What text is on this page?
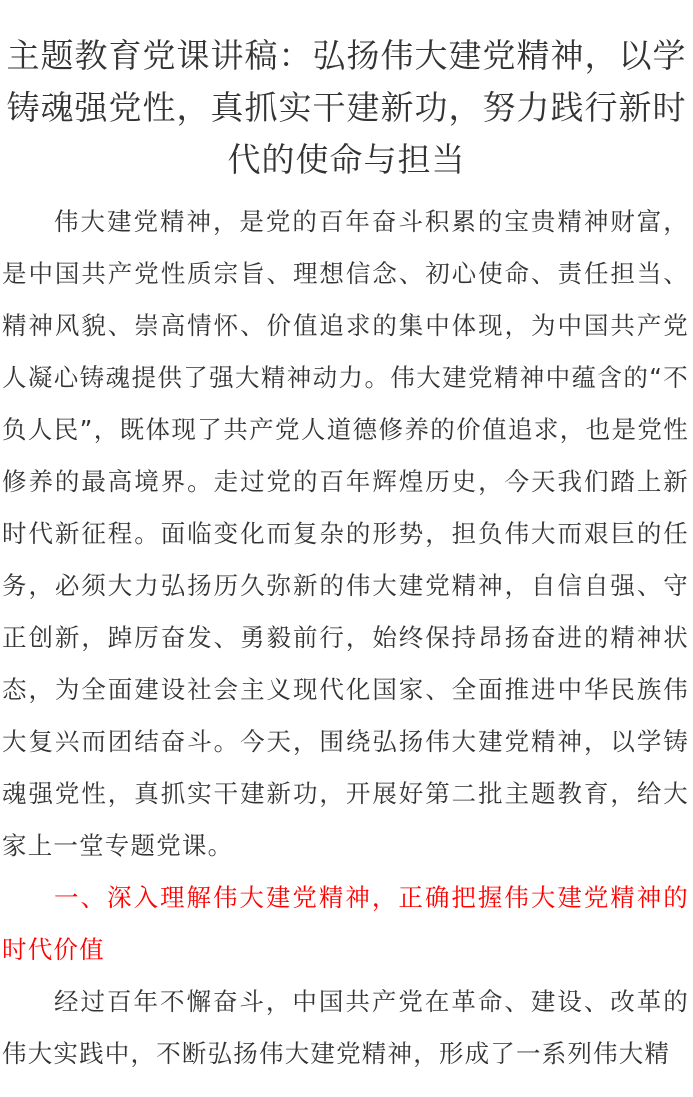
主题教育党课讲稿：弘扬伟大建党精神，以学铸魂强党性，真抓实干建新功，努力践行新时代的使命与担当

伟大建党精神，是党的百年奋斗积累的宝贵精神财富，是中国共产党性质宗旨、理想信念、初心使命、责任担当、精神风貌、崇高情怀、价值追求的集中体现，为中国共产党人凝心铸魂提供了强大精神动力。伟大建党精神中蕴含的“不负人民”，既体现了共产党人道德修养的价值追求，也是党性修养的最高境界。走过党的百年辉煌历史，今天我们踏上新时代新征程。面临变化而复杂的形势，担负伟大而艰巨的任务，必须大力弘扬历久弥新的伟大建党精神，自信自强、守正创新，踔厉奋发、勇毅前行，始终保持昂扬奋进的精神状态，为全面建设社会主义现代化国家、全面推进中华民族伟大复兴而团结奋斗。今天，围绕弘扬伟大建党精神，以学铸魂强党性，真抓实干建新功，开展好第二批主题教育，给大家上一堂专题党课。

一、深入理解伟大建党精神，正确把握伟大建党精神的时代价值

经过百年不懈奋斗，中国共产党在革命、建设、改革的伟大实践中，不断弘扬伟大建党精神，形成了一系列伟大精
